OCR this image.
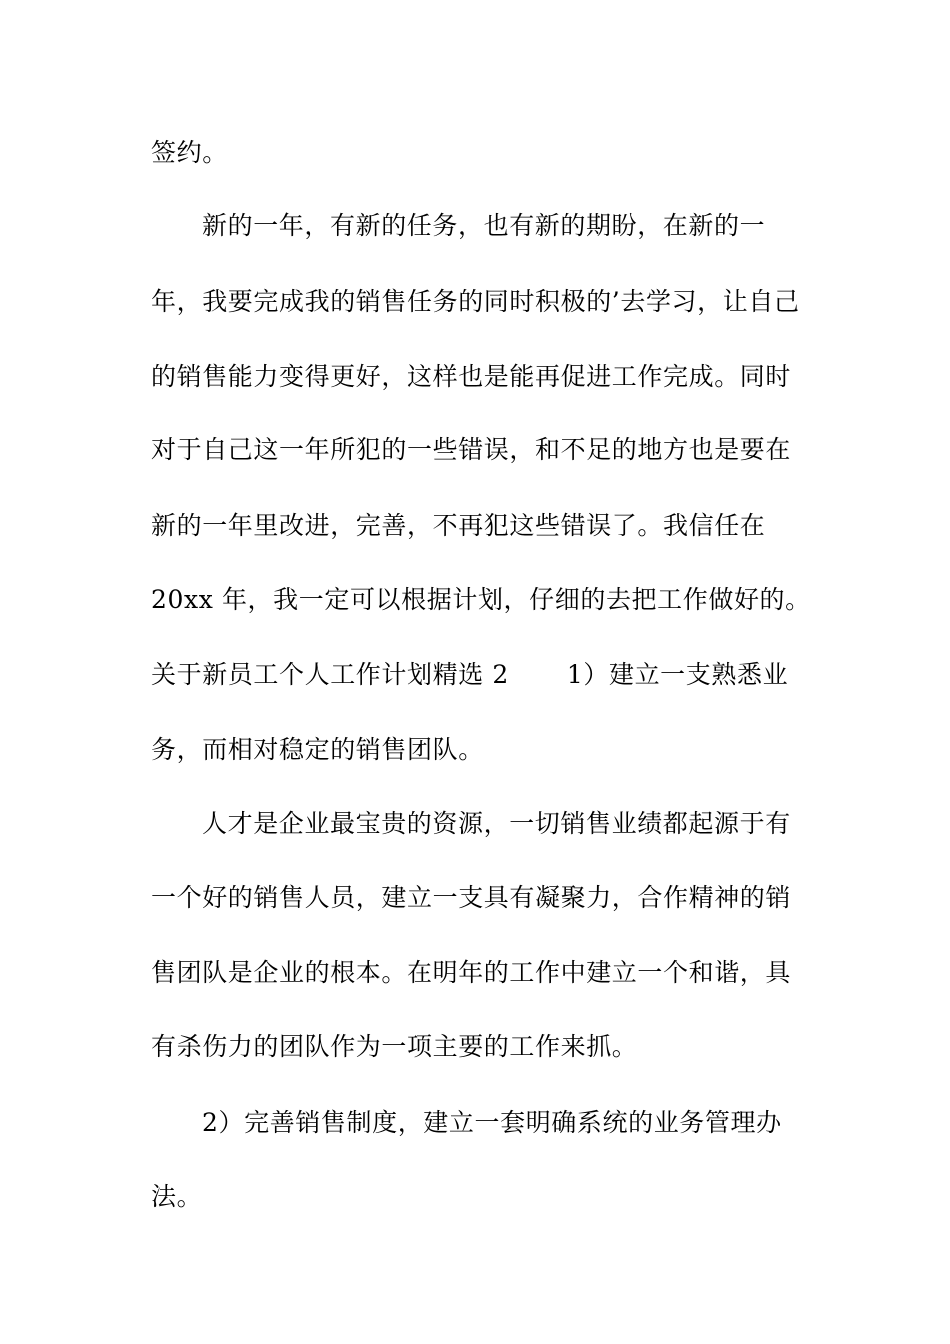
签约。
新的一年，有新的任务，也有新的期盼，在新的一
年，我要完成我的销售任务的同时积极的’去学习，让自己
的销售能力变得更好，这样也是能再促进工作完成。同时
对于自己这一年所犯的一些错误，和不足的地方也是要在
新的一年里改进，完善，不再犯这些错误了。我信任在
20xx 年，我一定可以根据计划，仔细的去把工作做好的。
关于新员工个人工作计划精选 2 1）建立一支熟悉业
务，而相对稳定的销售团队。
人才是企业最宝贵的资源，一切销售业绩都起源于有
一个好的销售人员，建立一支具有凝聚力，合作精神的销
售团队是企业的根本。在明年的工作中建立一个和谐，具
有杀伤力的团队作为一项主要的工作来抓。
2）完善销售制度，建立一套明确系统的业务管理办
法。
